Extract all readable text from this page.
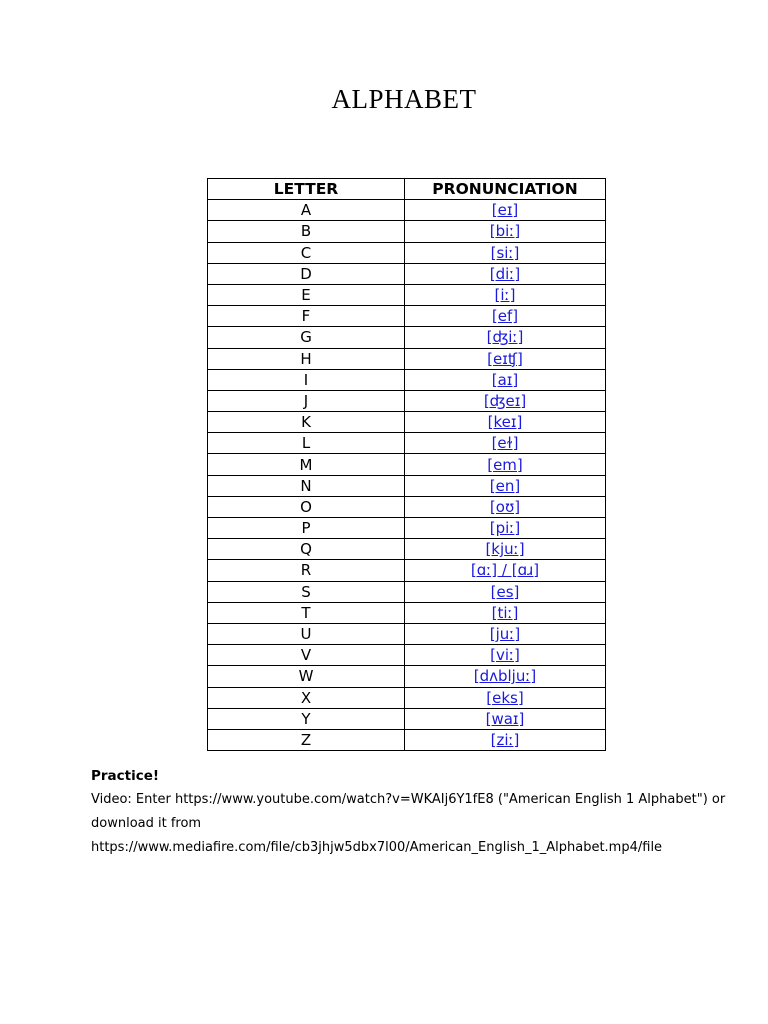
ALPHABET
LETTER	PRONUNCIATION
A	[eɪ]
B	[biː]
C	[siː]
D	[diː]
E	[iː]
F	[ef]
G	[ʤiː]
H	[eɪʧ]
I	[aɪ]
J	[ʤeɪ]
K	[keɪ]
L	[eɫ]
M	[em]
N	[en]
O	[oʊ]
P	[piː]
Q	[kjuː]
R	[ɑː] / [ɑɹ]
S	[es]
T	[tiː]
U	[juː]
V	[viː]
W	[dʌbljuː]
X	[eks]
Y	[waɪ]
Z	[ziː]

Practice!

Video: Enter https://www.youtube.com/watch?v=WKAIj6Y1fE8 ("American English 1 Alphabet") or

download it from

https://www.mediafire.com/file/cb3jhjw5dbx7l00/American_English_1_Alphabet.mp4/file
